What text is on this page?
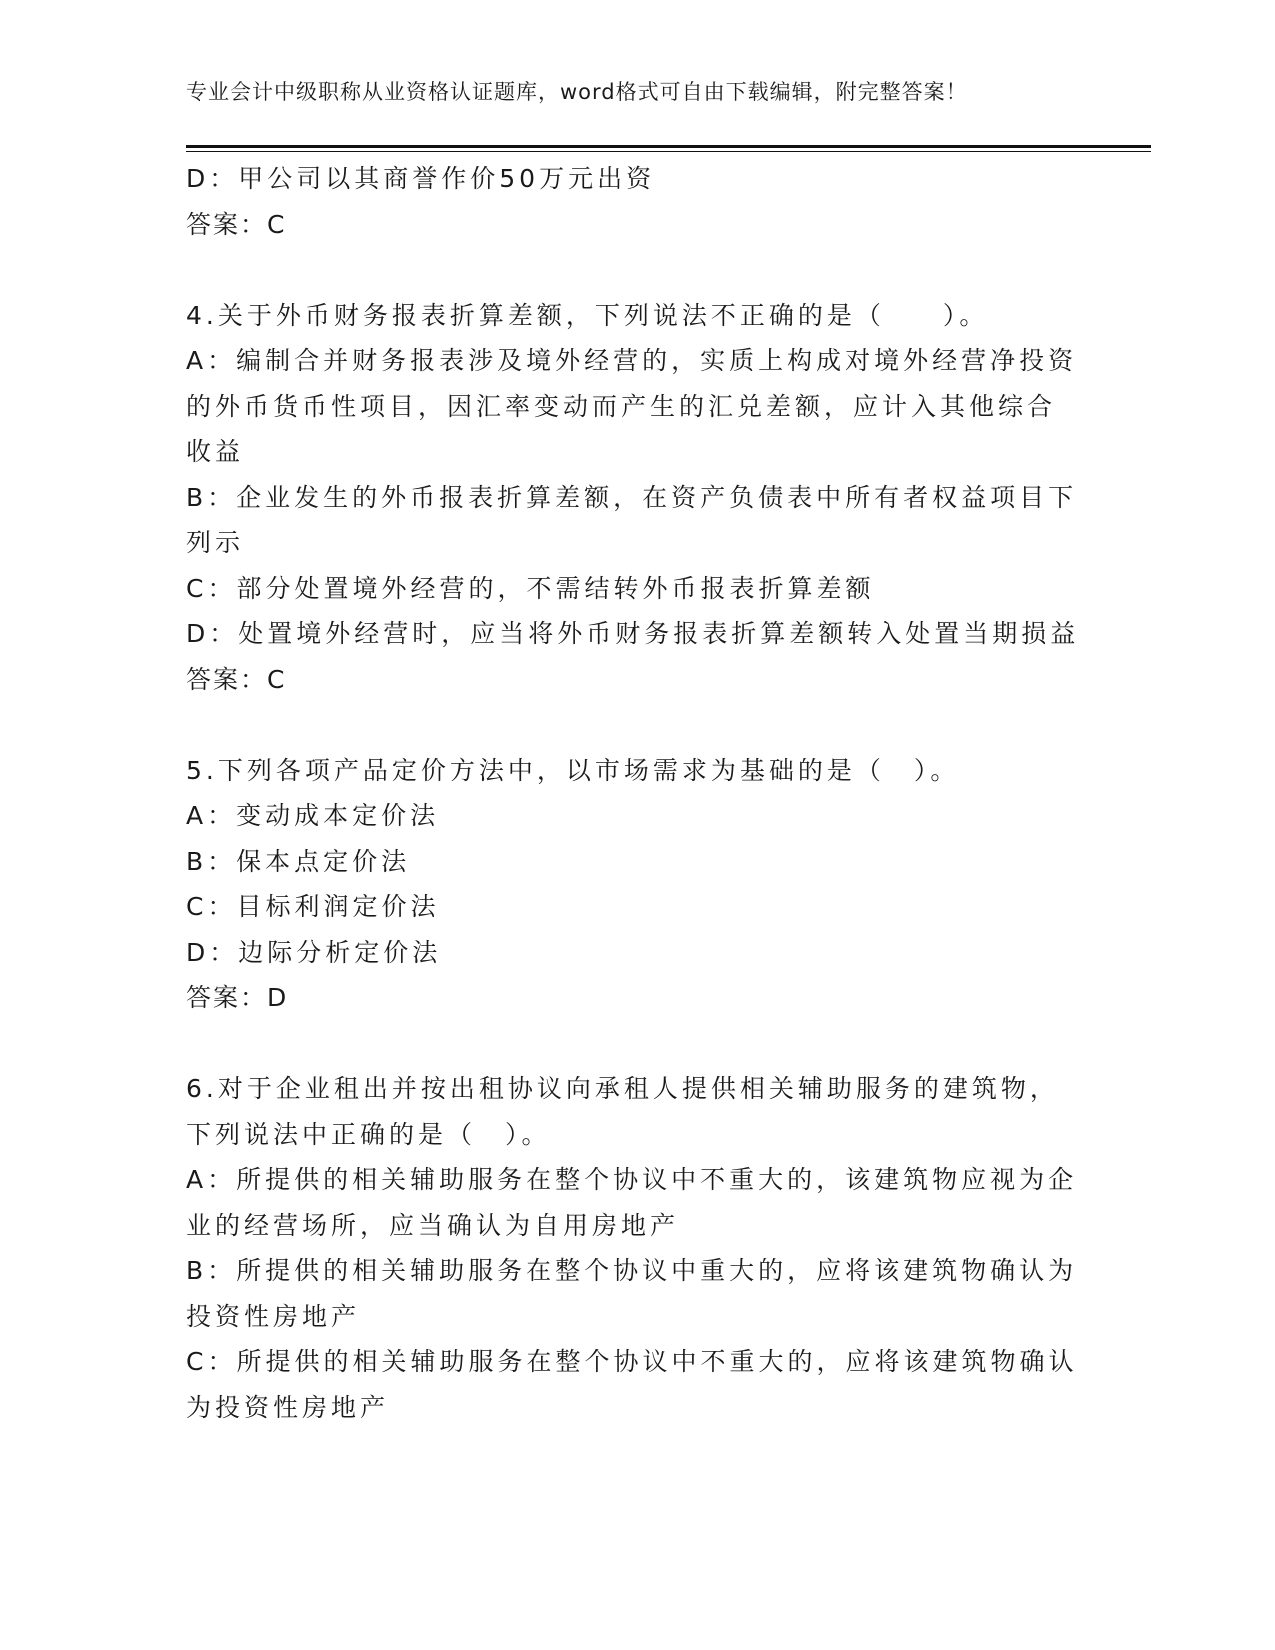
专业会计中级职称从业资格认证题库，word格式可自由下载编辑，附完整答案！
D：甲公司以其商誉作价50万元出资
答案：C
4.关于外币财务报表折算差额，下列说法不正确的是（　　）。
A：编制合并财务报表涉及境外经营的，实质上构成对境外经营净投资
的外币货币性项目，因汇率变动而产生的汇兑差额，应计入其他综合
收益
B：企业发生的外币报表折算差额，在资产负债表中所有者权益项目下
列示
C：部分处置境外经营的，不需结转外币报表折算差额
D：处置境外经营时，应当将外币财务报表折算差额转入处置当期损益
答案：C
5.下列各项产品定价方法中，以市场需求为基础的是（　）。
A：变动成本定价法
B：保本点定价法
C：目标利润定价法
D：边际分析定价法
答案：D
6.对于企业租出并按出租协议向承租人提供相关辅助服务的建筑物，
下列说法中正确的是（　）。
A：所提供的相关辅助服务在整个协议中不重大的，该建筑物应视为企
业的经营场所，应当确认为自用房地产
B：所提供的相关辅助服务在整个协议中重大的，应将该建筑物确认为
投资性房地产
C：所提供的相关辅助服务在整个协议中不重大的，应将该建筑物确认
为投资性房地产
